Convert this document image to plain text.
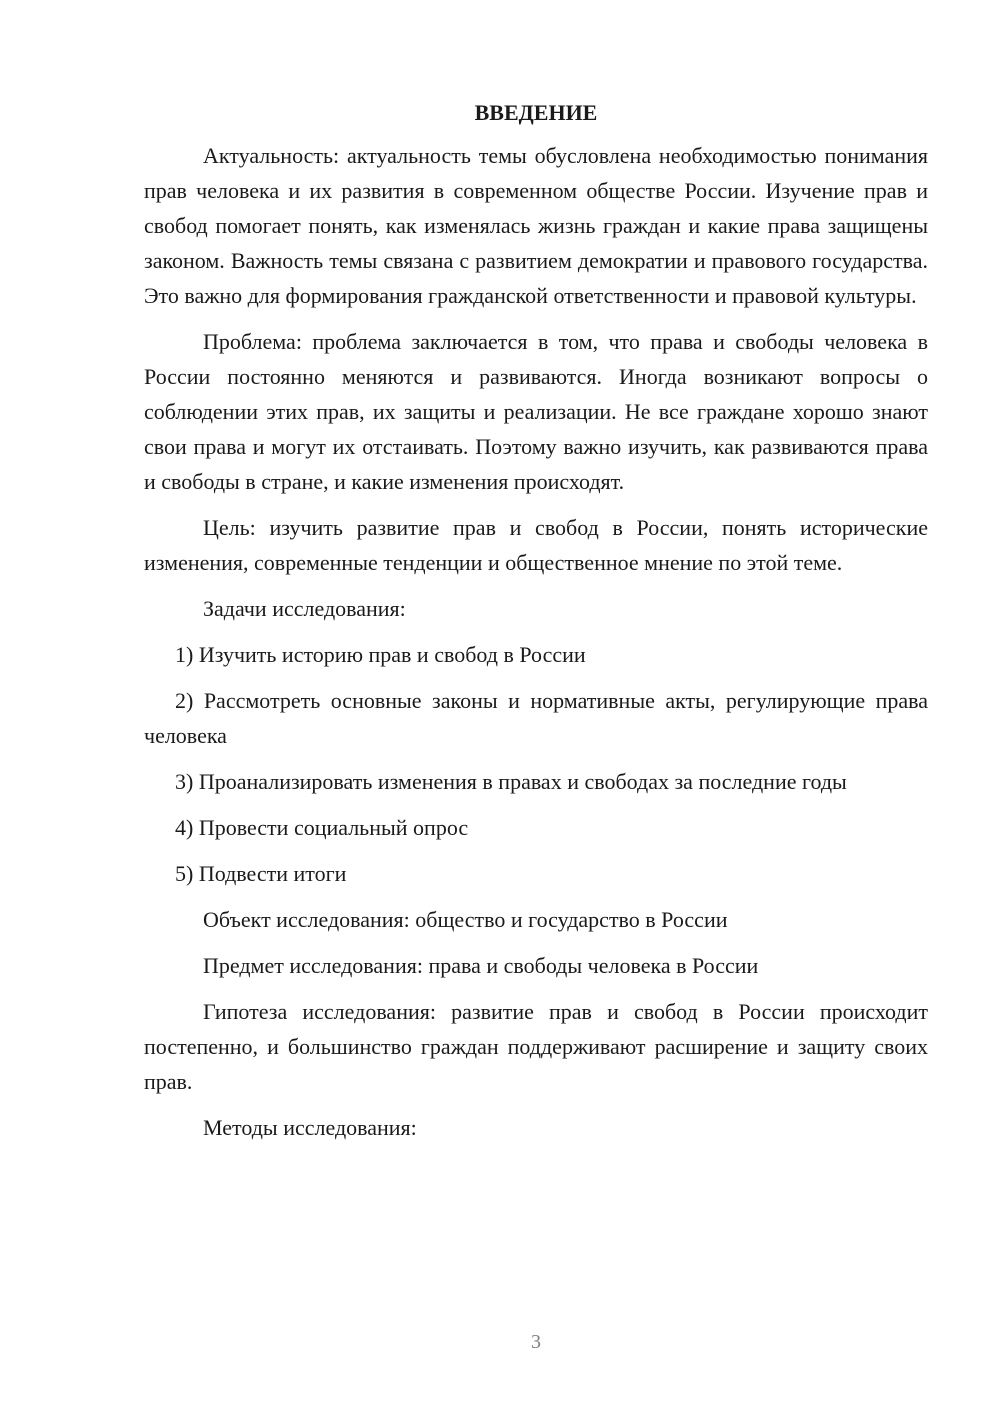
ВВЕДЕНИЕ

Актуальность: актуальность темы обусловлена необходимостью понимания прав человека и их развития в современном обществе России. Изучение прав и свобод помогает понять, как изменялась жизнь граждан и какие права защищены законом. Важность темы связана с развитием демократии и правового государства. Это важно для формирования гражданской ответственности и правовой культуры.

Проблема: проблема заключается в том, что права и свободы человека в России постоянно меняются и развиваются. Иногда возникают вопросы о соблюдении этих прав, их защиты и реализации. Не все граждане хорошо знают свои права и могут их отстаивать. Поэтому важно изучить, как развиваются права и свободы в стране, и какие изменения происходят.

Цель: изучить развитие прав и свобод в России, понять исторические изменения, современные тенденции и общественное мнение по этой теме.

Задачи исследования:

1) Изучить историю прав и свобод в России

2) Рассмотреть основные законы и нормативные акты, регулирующие права человека

3) Проанализировать изменения в правах и свободах за последние годы

4) Провести социальный опрос

5) Подвести итоги

Объект исследования: общество и государство в России

Предмет исследования: права и свободы человека в России

Гипотеза исследования: развитие прав и свобод в России происходит постепенно, и большинство граждан поддерживают расширение и защиту своих прав.

Методы исследования:

3
